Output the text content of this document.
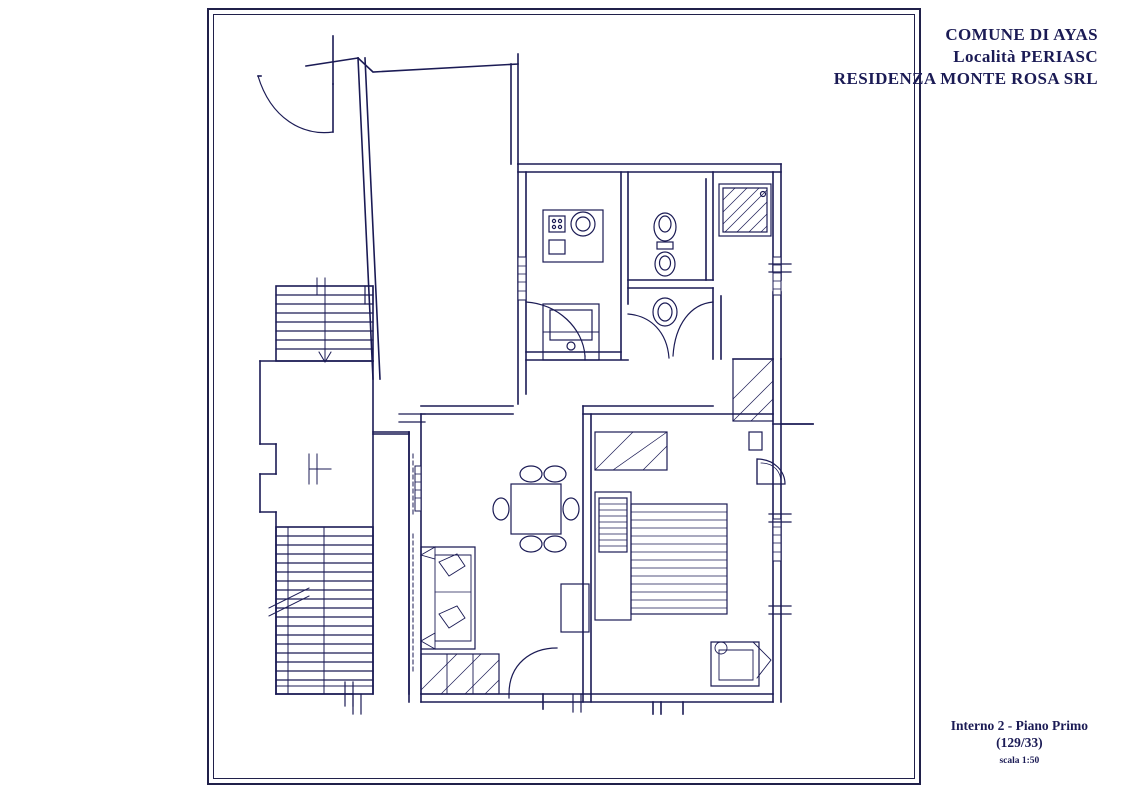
COMUNE DI AYAS
Località PERIASC
RESIDENZA MONTE ROSA SRL
Interno 2 - Piano Primo
(129/33)
scala 1:50
